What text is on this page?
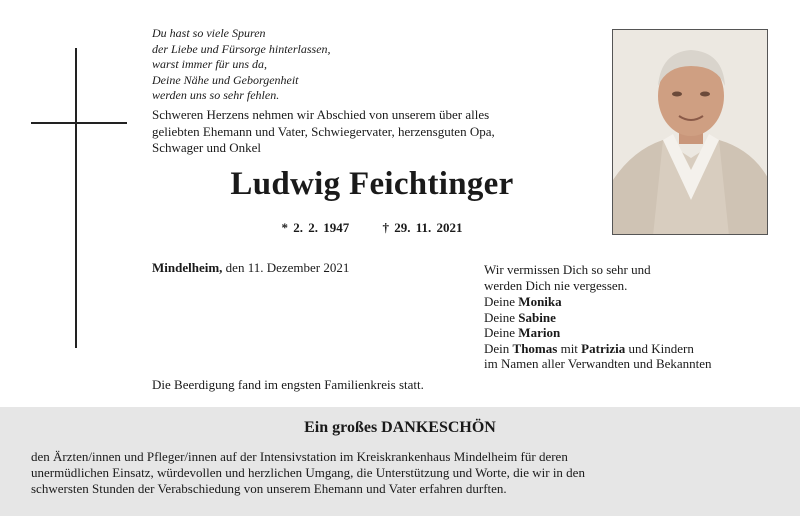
Du hast so viele Spuren
der Liebe und Fürsorge hinterlassen,
warst immer für uns da,
Deine Nähe und Geborgenheit
werden uns so sehr fehlen.
Schweren Herzens nehmen wir Abschied von unserem über alles
geliebten Ehemann und Vater, Schwiegervater, herzensguten Opa,
Schwager und Onkel
Ludwig Feichtinger
* 2. 2. 1947	† 29. 11. 2021
Mindelheim, den 11. Dezember 2021	Wir vermissen Dich so sehr und
werden Dich nie vergessen.
Deine Monika
Deine Sabine
Deine Marion
Dein Thomas mit Patrizia und Kindern
im Namen aller Verwandten und Bekannten
Die Beerdigung fand im engsten Familienkreis statt.
Ein großes DANKESCHÖN
den Ärzten/innen und Pfleger/innen auf der Intensivstation im Kreiskrankenhaus Mindelheim für deren
unermüdlichen Einsatz, würdevollen und herzlichen Umgang, die Unterstützung und Worte, die wir in den
schwersten Stunden der Verabschiedung von unserem Ehemann und Vater erfahren durften.
